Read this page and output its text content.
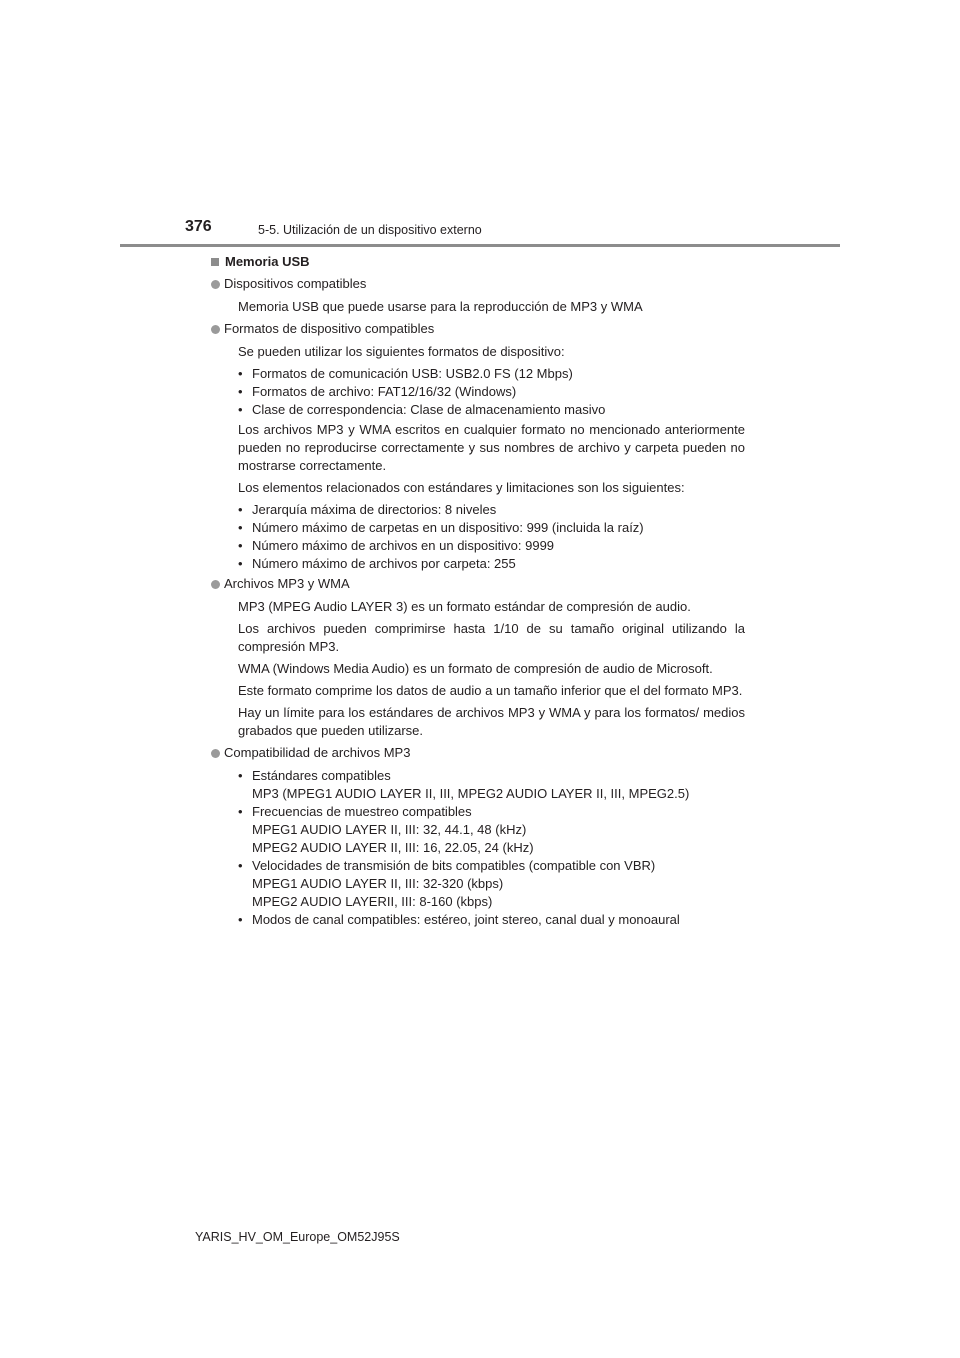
376	5-5. Utilización de un dispositivo externo
Memoria USB
Dispositivos compatibles
Memoria USB que puede usarse para la reproducción de MP3 y WMA
Formatos de dispositivo compatibles
Se pueden utilizar los siguientes formatos de dispositivo:
• Formatos de comunicación USB: USB2.0 FS (12 Mbps)
• Formatos de archivo: FAT12/16/32 (Windows)
• Clase de correspondencia: Clase de almacenamiento masivo
Los archivos MP3 y WMA escritos en cualquier formato no mencionado anteriormente pueden no reproducirse correctamente y sus nombres de archivo y carpeta pueden no mostrarse correctamente.
Los elementos relacionados con estándares y limitaciones son los siguientes:
• Jerarquía máxima de directorios: 8 niveles
• Número máximo de carpetas en un dispositivo: 999 (incluida la raíz)
• Número máximo de archivos en un dispositivo: 9999
• Número máximo de archivos por carpeta: 255
Archivos MP3 y WMA
MP3 (MPEG Audio LAYER 3) es un formato estándar de compresión de audio.
Los archivos pueden comprimirse hasta 1/10 de su tamaño original utilizando la compresión MP3.
WMA (Windows Media Audio) es un formato de compresión de audio de Microsoft.
Este formato comprime los datos de audio a un tamaño inferior que el del formato MP3.
Hay un límite para los estándares de archivos MP3 y WMA y para los formatos/ medios grabados que pueden utilizarse.
Compatibilidad de archivos MP3
• Estándares compatibles
MP3 (MPEG1 AUDIO LAYER II, III, MPEG2 AUDIO LAYER II, III, MPEG2.5)
• Frecuencias de muestreo compatibles
MPEG1 AUDIO LAYER II, III: 32, 44.1, 48 (kHz)
MPEG2 AUDIO LAYER II, III: 16, 22.05, 24 (kHz)
• Velocidades de transmisión de bits compatibles (compatible con VBR)
MPEG1 AUDIO LAYER II, III: 32-320 (kbps)
MPEG2 AUDIO LAYERII, III: 8-160 (kbps)
• Modos de canal compatibles: estéreo, joint stereo, canal dual y monoaural
YARIS_HV_OM_Europe_OM52J95S
